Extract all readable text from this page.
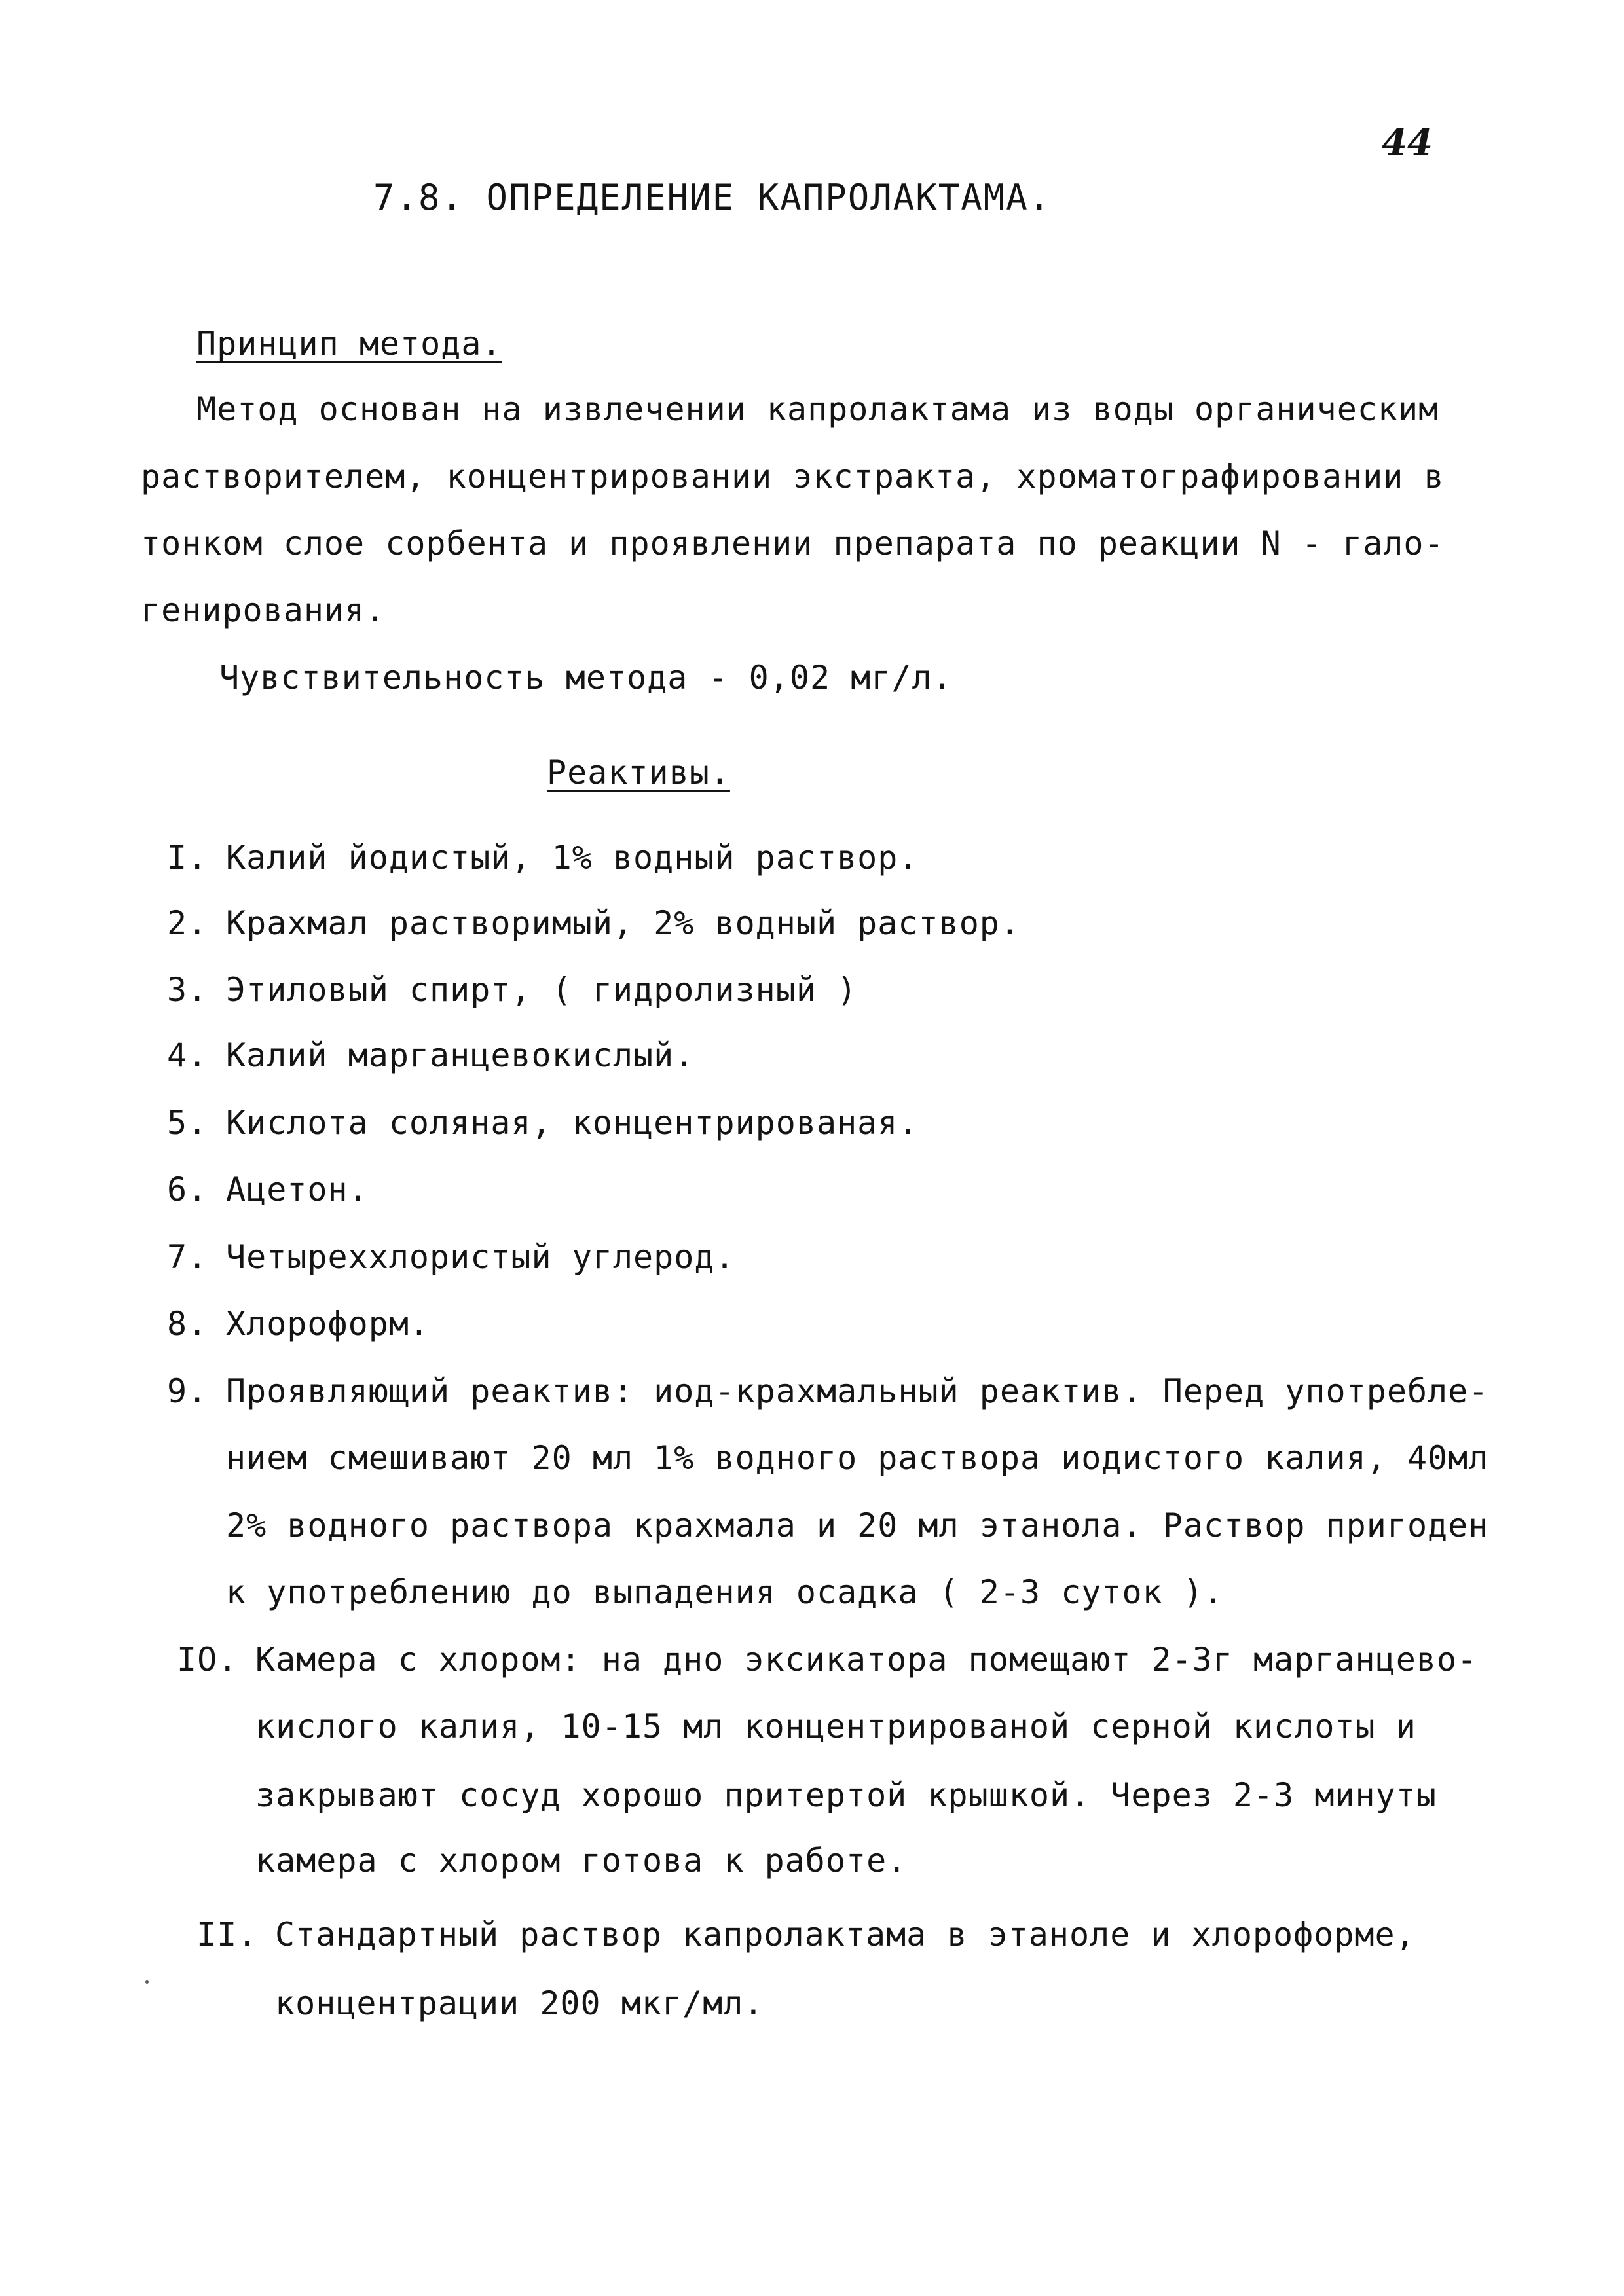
44
7.8. ОПРЕДЕЛЕНИЕ КАПРОЛАКТАМА.
Принцип метода.
Метод основан на извлечении капролактама из воды органическим
растворителем, концентрировании экстракта, хроматографировании в
тонком слое сорбента и проявлении препарата по реакции N - гало-
генирования.
Чувствительность метода - 0,02 мг/л.
Реактивы.
I. Калий йодистый, 1% водный раствор.
2. Крахмал растворимый, 2% водный раствор.
3. Этиловый спирт, ( гидролизный )
4. Калий марганцевокислый.
5. Кислота соляная, концентрированая.
6. Ацетон.
7. Четыреххлористый углерод.
8. Хлороформ.
9. Проявляющий реактив: иод-крахмальный реактив. Перед употребле-
нием смешивают 20 мл 1% водного раствора иодистого калия, 40мл
2% водного раствора крахмала и 20 мл этанола. Раствор пригоден
к употреблению до выпадения осадка ( 2-3 суток ).
IO. Камера с хлором: на дно эксикатора помещают 2-3г марганцево-
кислого калия, 10-15 мл концентрированой серной кислоты и
закрывают сосуд хорошо притертой крышкой. Через 2-3 минуты
камера с хлором готова к работе.
II. Стандартный раствор капролактама в этаноле и хлороформе,
концентрации 200 мкг/мл.
